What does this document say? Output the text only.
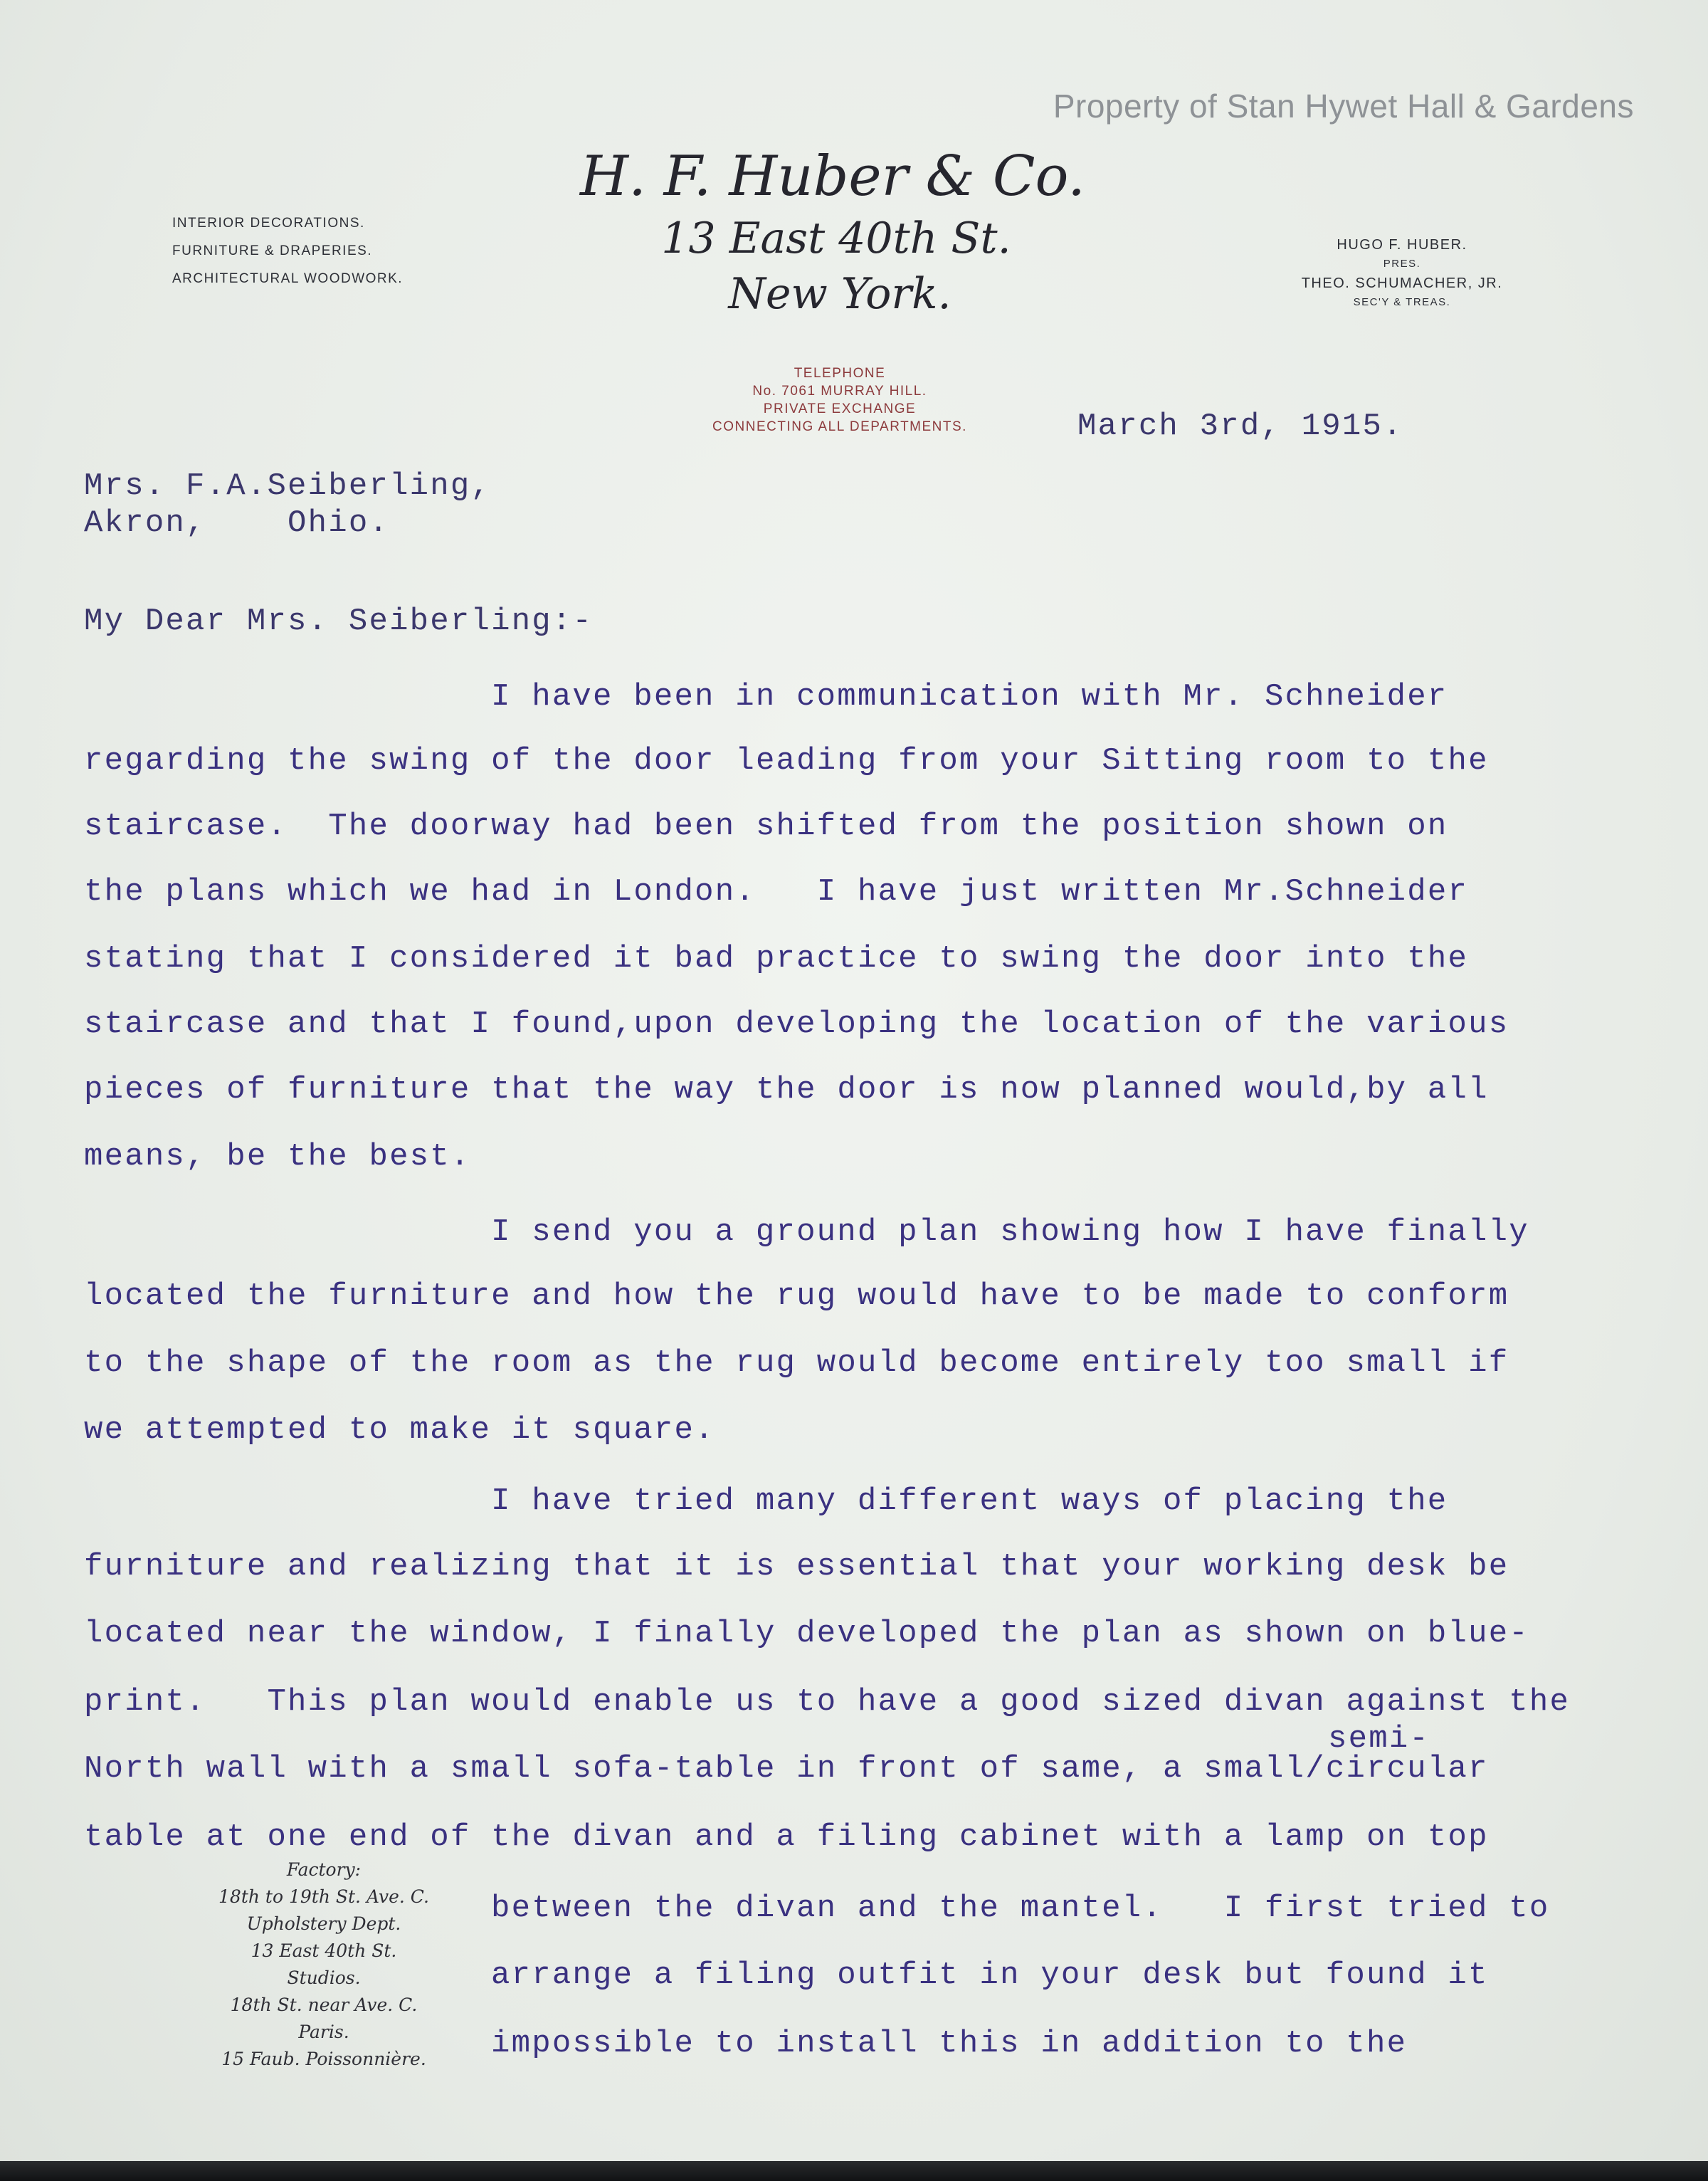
Property of Stan Hywet Hall & Gardens
INTERIOR DECORATIONS.
FURNITURE & DRAPERIES.
ARCHITECTURAL WOODWORK.
H. F. Huber & Co.
13 East 40th St.
New York.
HUGO F. HUBER.
PRES.
THEO. SCHUMACHER, JR.
SEC'Y & TREAS.
TELEPHONE
No. 7061 MURRAY HILL.
PRIVATE EXCHANGE
CONNECTING ALL DEPARTMENTS.	March 3rd, 1915.
Mrs. F.A.Seiberling,
Akron,    Ohio.
My Dear Mrs. Seiberling:-
I have been in communication with Mr. Schneider
regarding the swing of the door leading from your Sitting room to the
staircase.  The doorway had been shifted from the position shown on
the plans which we had in London.   I have just written Mr.Schneider
stating that I considered it bad practice to swing the door into the
staircase and that I found,upon developing the location of the various
pieces of furniture that the way the door is now planned would,by all
means, be the best.
I send you a ground plan showing how I have finally
located the furniture and how the rug would have to be made to conform
to the shape of the room as the rug would become entirely too small if
we attempted to make it square.
I have tried many different ways of placing the
furniture and realizing that it is essential that your working desk be
located near the window, I finally developed the plan as shown on blue-
print.   This plan would enable us to have a good sized divan against the
semi-
North wall with a small sofa-table in front of same, a small/circular
table at one end of the divan and a filing cabinet with a lamp on top
between the divan and the mantel.   I first tried to
arrange a filing outfit in your desk but found it
impossible to install this in addition to the
Factory:
18th to 19th St. Ave. C.
Upholstery Dept.
13 East 40th St.
Studios.
18th St. near Ave. C.
Paris.
15 Faub. Poissonnière.
